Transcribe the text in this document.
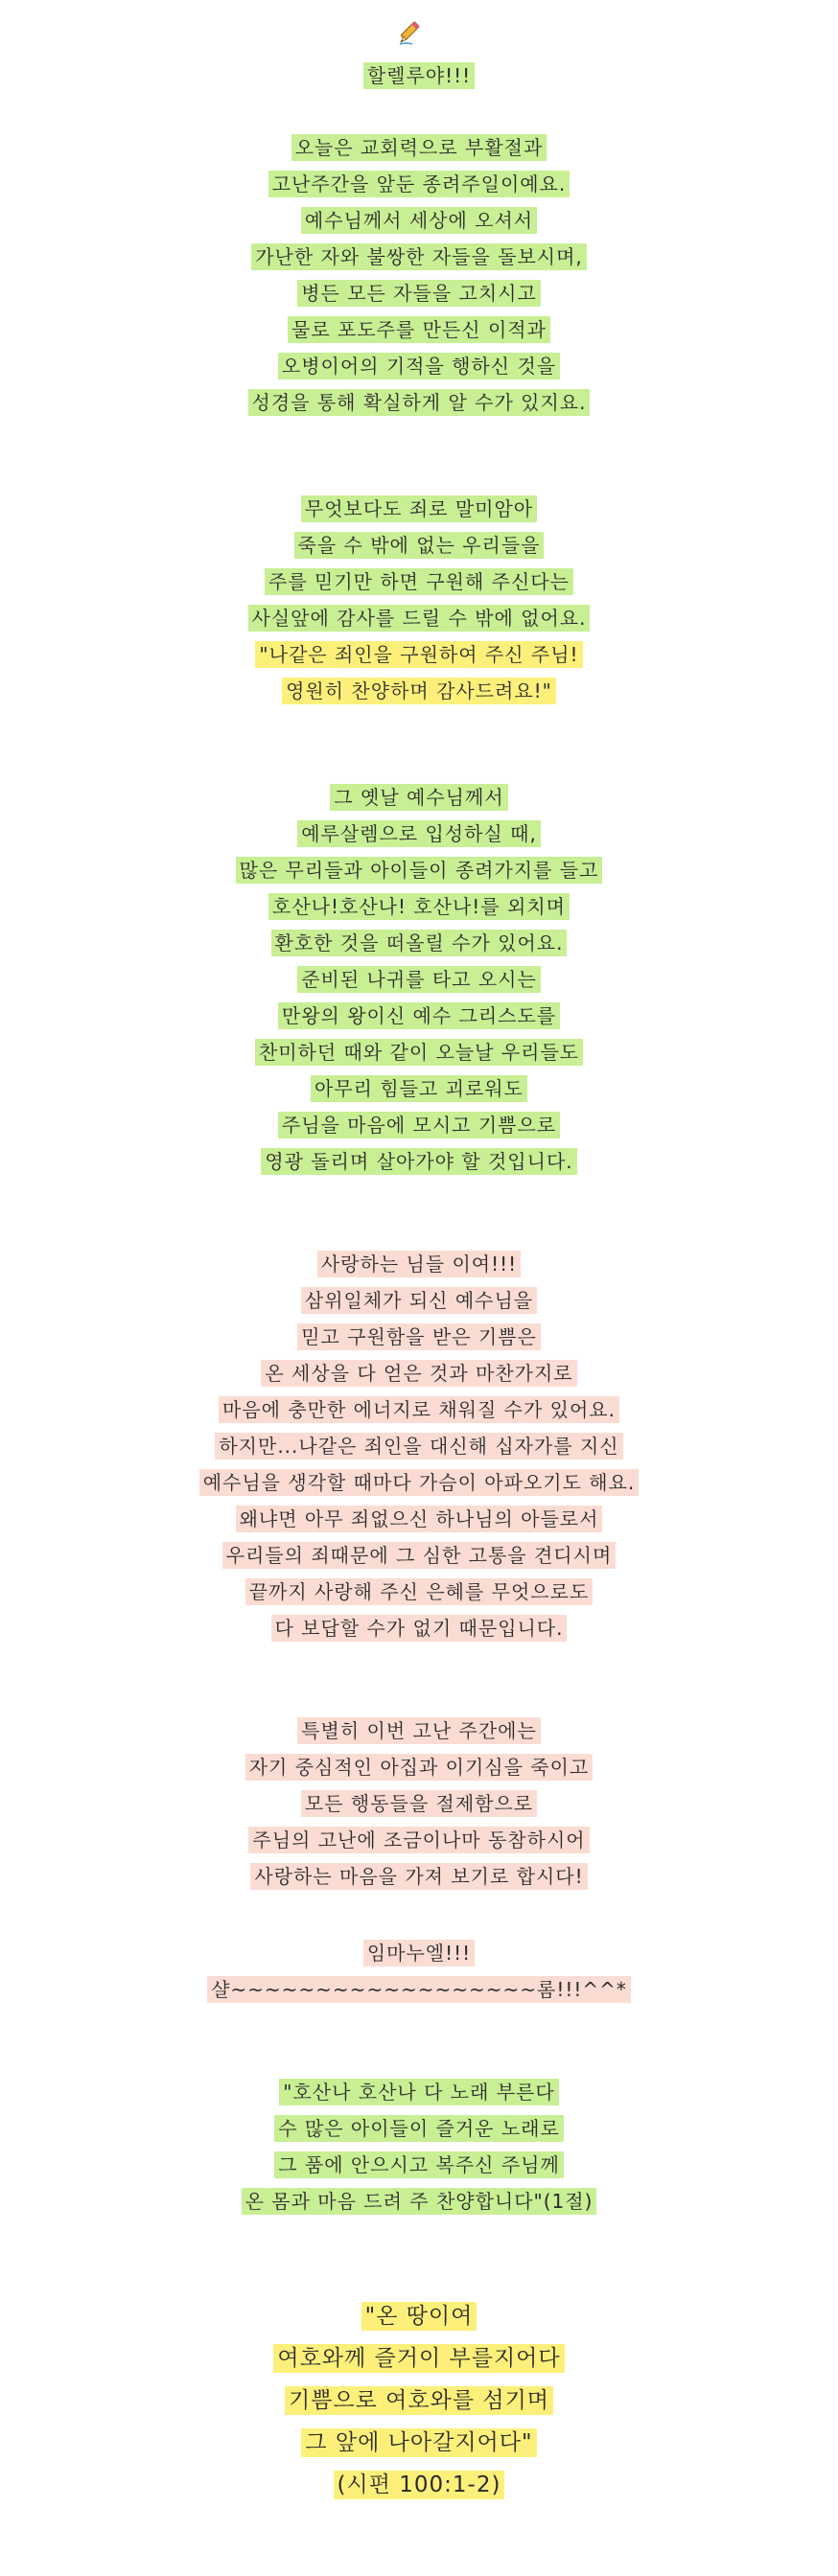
할렐루야!!!
오늘은 교회력으로 부활절과
고난주간을 앞둔 종려주일이예요.
예수님께서 세상에 오셔서
가난한 자와 불쌍한 자들을 돌보시며,
병든 모든 자들을 고치시고
물로 포도주를 만든신 이적과
오병이어의 기적을 행하신 것을
성경을 통해 확실하게 알 수가 있지요.
무엇보다도 죄로 말미암아
죽을 수 밖에 없는 우리들을
주를 믿기만 하면 구원해 주신다는
사실앞에 감사를 드릴 수 밖에 없어요.
"나같은 죄인을 구원하여 주신 주님!
영원히 찬양하며 감사드려요!"
그 옛날 예수님께서
예루살렘으로 입성하실 때,
많은 무리들과 아이들이 종려가지를 들고
호산나!호산나! 호산나!를 외치며
환호한 것을 떠올릴 수가 있어요.
준비된 나귀를 타고 오시는
만왕의 왕이신 예수 그리스도를
찬미하던 때와 같이 오늘날 우리들도
아무리 힘들고 괴로워도
주님을 마음에 모시고 기쁨으로
영광 돌리며 살아가야 할 것입니다.
사랑하는 님들 이여!!!
삼위일체가 되신 예수님을
믿고 구원함을 받은 기쁨은
온 세상을 다 얻은 것과 마찬가지로
마음에 충만한 에너지로 채워질 수가 있어요.
하지만...나같은 죄인을 대신해 십자가를 지신
예수님을 생각할 때마다 가슴이 아파오기도 해요.
왜냐면 아무 죄없으신 하나님의 아들로서
우리들의 죄때문에 그 심한 고통을 견디시며
끝까지 사랑해 주신 은혜를 무엇으로도
다 보답할 수가 없기 때문입니다.
특별히 이번 고난 주간에는
자기 중심적인 아집과 이기심을 죽이고
모든 행동들을 절제함으로
주님의 고난에 조금이나마 동참하시어
사랑하는 마음을 가져 보기로 합시다!
임마누엘!!!
샬~~~~~~~~~~~~~~~~~~롬!!!^^*
"호산나 호산나 다 노래 부른다
수 많은 아이들이 즐거운 노래로
그 품에 안으시고 복주신 주님께
온 몸과 마음 드려 주 찬양합니다"(1절)
"온 땅이여
여호와께 즐거이 부를지어다
기쁨으로 여호와를 섬기며
그 앞에 나아갈지어다"
(시편 100:1-2)
